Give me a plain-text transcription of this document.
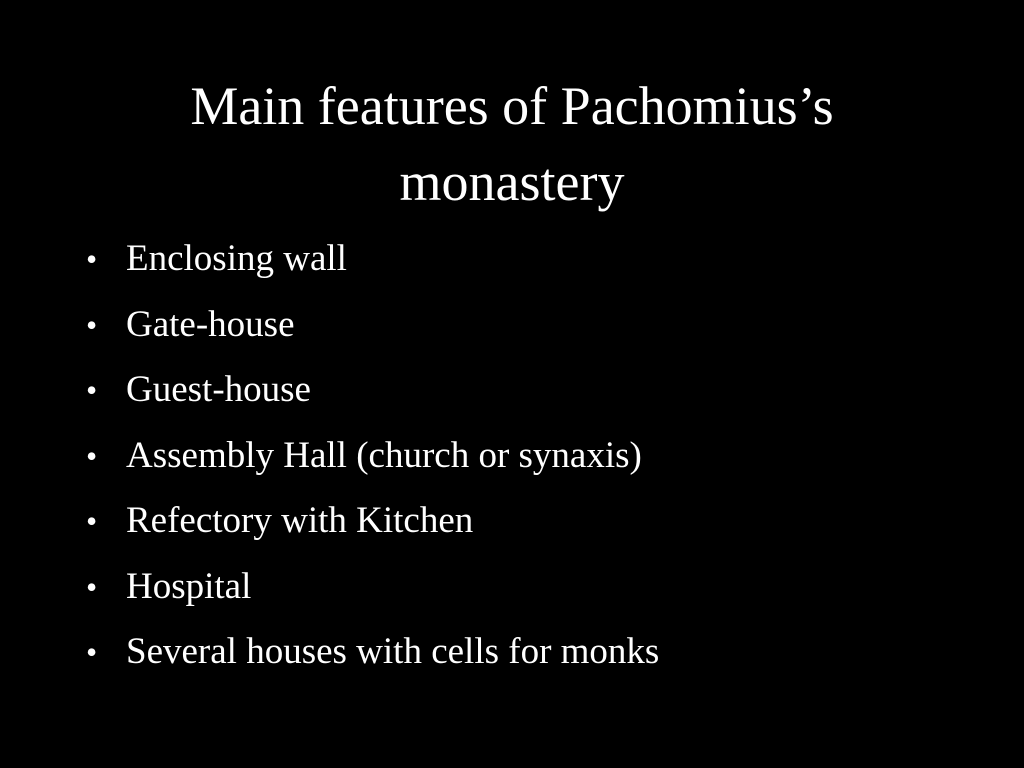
Main features of Pachomius’s monastery
• Enclosing wall
• Gate-house
• Guest-house
• Assembly Hall (church or synaxis)
• Refectory with Kitchen
• Hospital
• Several houses with cells for monks
